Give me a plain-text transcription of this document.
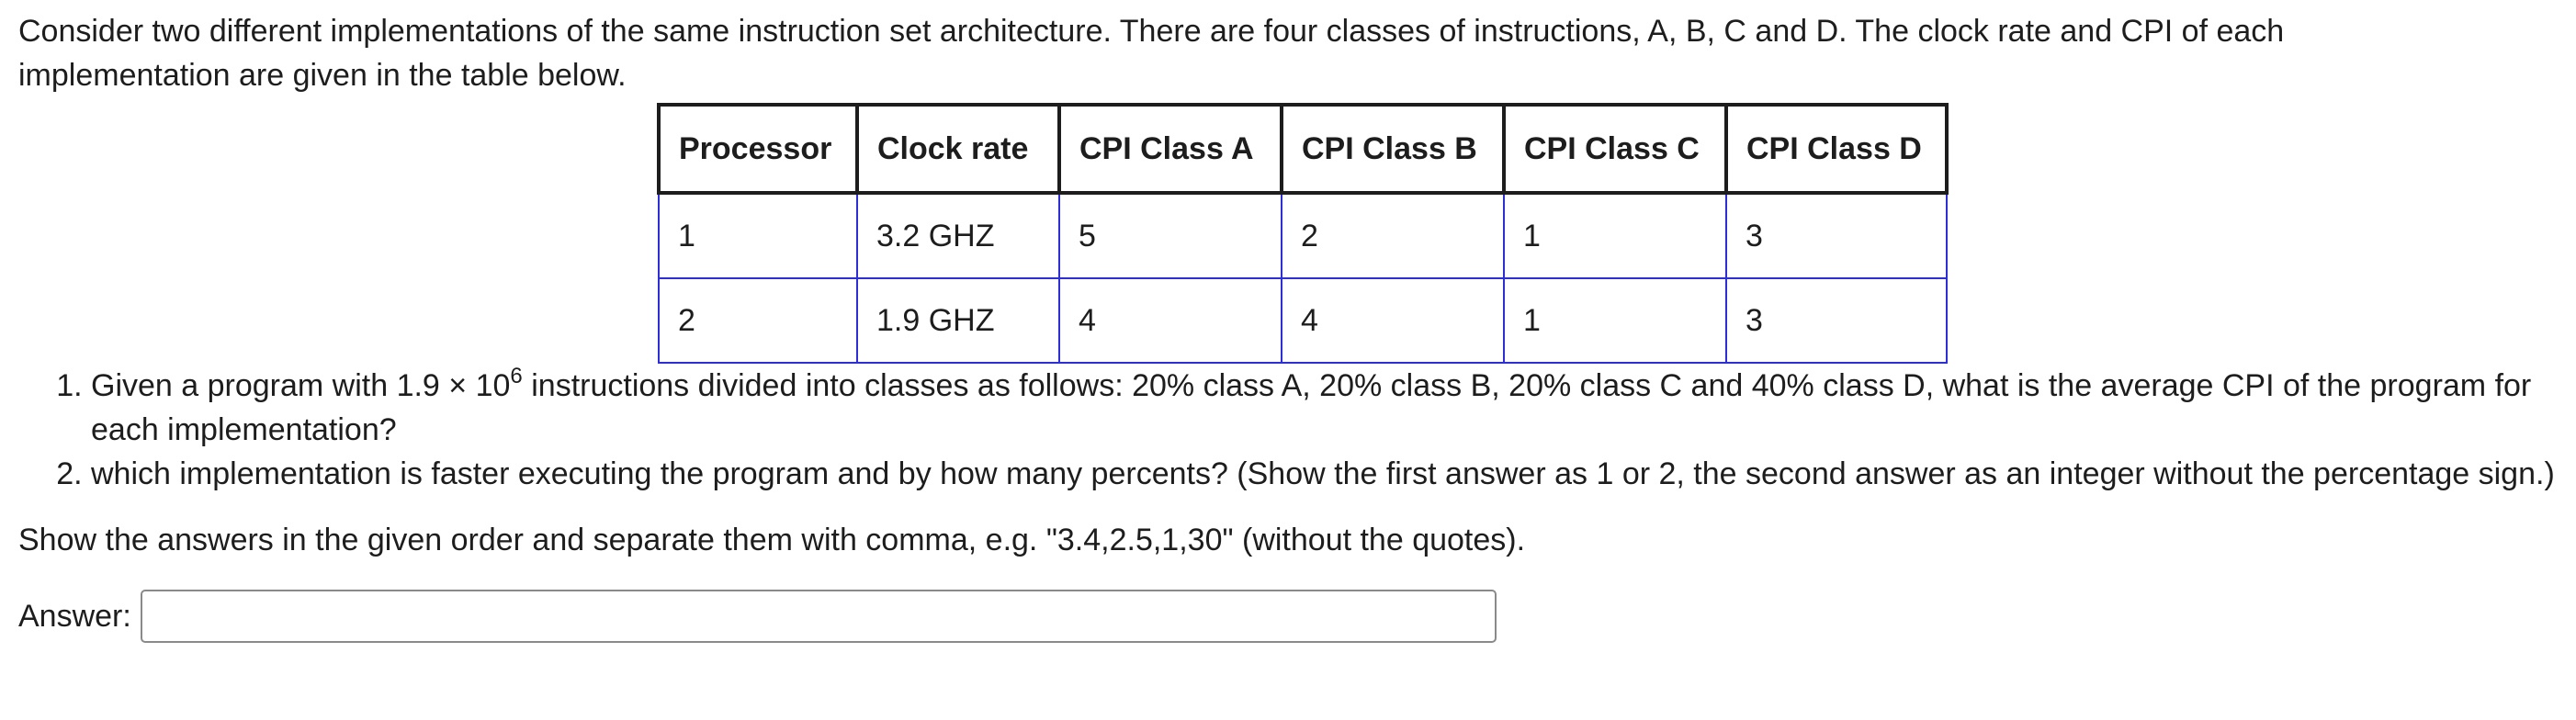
Consider two different implementations of the same instruction set architecture. There are four classes of instructions, A, B, C and D. The clock rate and CPI of each
implementation are given in the table below.

Processor	Clock rate	CPI Class A	CPI Class B	CPI Class C	CPI Class D
1	3.2 GHZ	5	2	1	3
2	1.9 GHZ	4	4	1	3
1. Given a program with $1.9 \times 10^6$ instructions divided into classes as follows: 20% class A, 20% class B, 20% class C and 40% class D, what is the average CPI of the program for each implementation?
2. which implementation is faster executing the program and by how many percents? (Show the first answer as 1 or 2, the second answer as an integer without the percentage sign.)

Show the answers in the given order and separate them with comma, e.g. "3.4,2.5,1,30" (without the quotes).

Answer:
